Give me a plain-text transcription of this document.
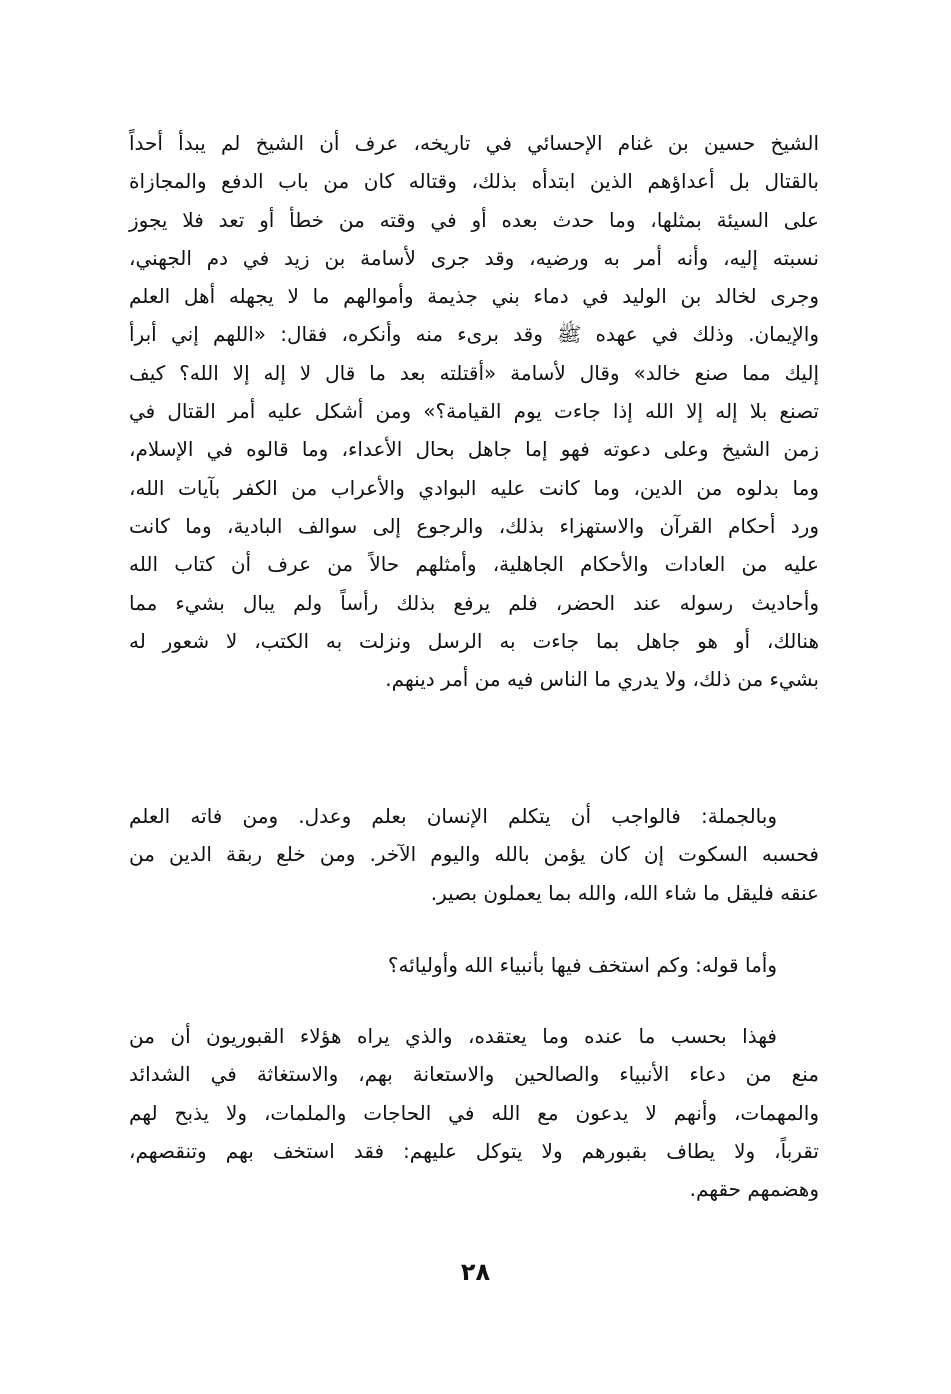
الشيخ حسين بن غنام الإحسائي في تاريخه، عرف أن الشيخ لم يبدأ أحداً
بالقتال بل أعداؤهم الذين ابتدأه بذلك، وقتاله كان من باب الدفع والمجازاة
على السيئة بمثلها، وما حدث بعده أو في وقته من خطأ أو تعد فلا يجوز
نسبته إليه، وأنه أمر به ورضيه، وقد جرى لأسامة بن زيد في دم الجهني،
وجرى لخالد بن الوليد في دماء بني جذيمة وأموالهم ما لا يجهله أهل العلم
والإيمان. وذلك في عهده ﷺ وقد برىء منه وأنكره، فقال: «اللهم إني أبرأ
إليك مما صنع خالد» وقال لأسامة «أقتلته بعد ما قال لا إله إلا الله؟ كيف
تصنع بلا إله إلا الله إذا جاءت يوم القيامة؟» ومن أشكل عليه أمر القتال في
زمن الشيخ وعلى دعوته فهو إما جاهل بحال الأعداء، وما قالوه في الإسلام،
وما بدلوه من الدين، وما كانت عليه البوادي والأعراب من الكفر بآيات الله،
ورد أحكام القرآن والاستهزاء بذلك، والرجوع إلى سوالف البادية، وما كانت
عليه من العادات والأحكام الجاهلية، وأمثلهم حالاً من عرف أن كتاب الله
وأحاديث رسوله عند الحضر، فلم يرفع بذلك رأساً ولم يبال بشيء مما
هنالك، أو هو جاهل بما جاءت به الرسل ونزلت به الكتب، لا شعور له
بشيء من ذلك، ولا يدري ما الناس فيه من أمر دينهم.
وبالجملة: فالواجب أن يتكلم الإنسان بعلم وعدل. ومن فاته العلم
فحسبه السكوت إن كان يؤمن بالله واليوم الآخر. ومن خلع ربقة الدين من
عنقه فليقل ما شاء الله، والله بما يعملون بصير.
وأما قوله: وكم استخف فيها بأنبياء الله وأوليائه؟
فهذا بحسب ما عنده وما يعتقده، والذي يراه هؤلاء القبوريون أن من
منع من دعاء الأنبياء والصالحين والاستعانة بهم، والاستغاثة في الشدائد
والمهمات، وأنهم لا يدعون مع الله في الحاجات والملمات، ولا يذبح لهم
تقرباً، ولا يطاف بقبورهم ولا يتوكل عليهم: فقد استخف بهم وتنقصهم،
وهضمهم حقهم.
٢٨
